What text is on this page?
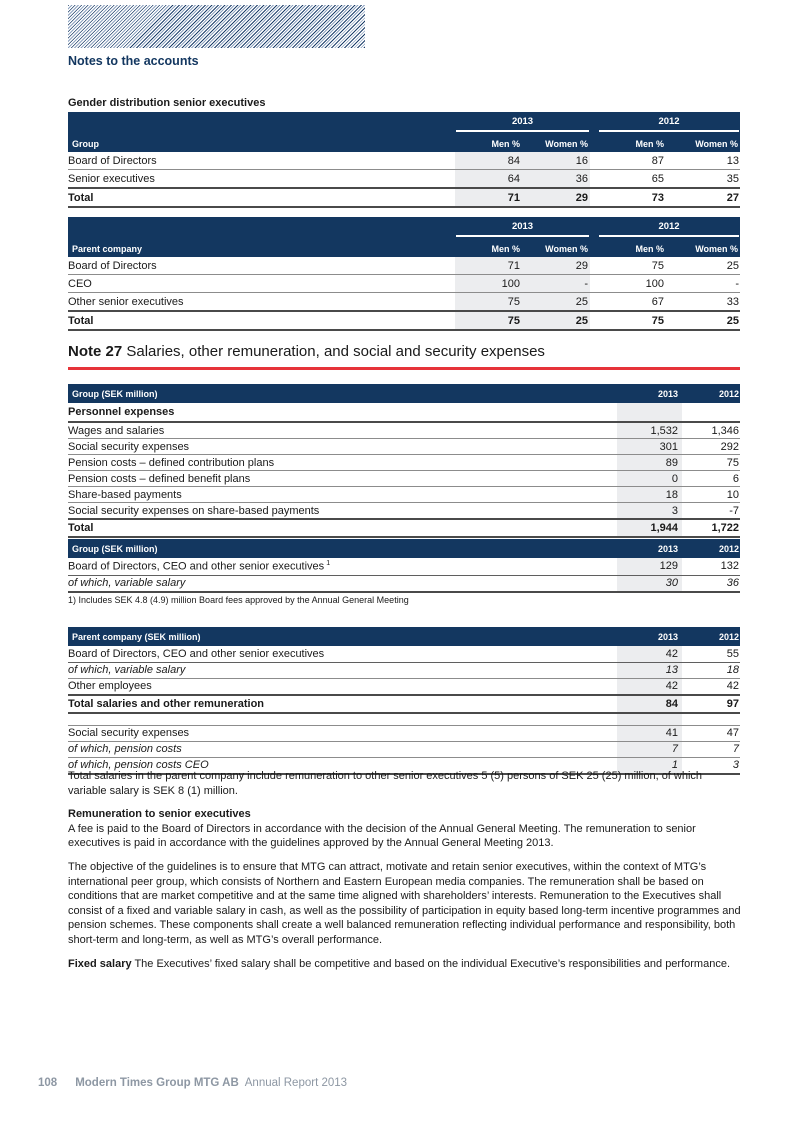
Notes to the accounts
Gender distribution senior executives

	2013			2012	

Group	Men %	Women %		Men %	Women %
Board of Directors	84	16		87	13
Senior executives	64	36		65	35
Total	71	29		73	27

	2013			2012	

Parent company	Men %	Women %		Men %	Women %
Board of Directors	71	29		75	25
CEO	100	-		100	-
Other senior executives	75	25		67	33
Total	75	25		75	25
Note 27 Salaries, other remuneration, and social and security expenses
Group (SEK million)	2013		2012
Personnel expenses			
Wages and salaries	1,532		1,346
Social security expenses	301		292
Pension costs – defined contribution plans	89		75
Pension costs – defined benefit plans	0		6
Share-based payments	18		10
Social security expenses on share-based payments	3		-7
Total	1,944		1,722
Group (SEK million)	2013		2012
Board of Directors, CEO and other senior executives $^1$	129		132
of which, variable salary	30		36
1) Includes SEK 4.8 (4.9) million Board fees approved by the Annual General Meeting
Parent company (SEK million)	2013		2012
Board of Directors, CEO and other senior executives	42		55
of which, variable salary	13		18
Other employees	42		42
Total salaries and other remuneration	84		97

Social security expenses	41		47
of which, pension costs	7		7
of which, pension costs CEO	1		3

Total salaries in the parent company include remuneration to other senior executives 5 (5) persons of SEK 25 (25) million, of which variable salary is SEK 8 (1) million.

Remuneration to senior executives

A fee is paid to the Board of Directors in accordance with the decision of the Annual General Meeting. The remuneration to senior executives is paid in accordance with the guidelines approved by the Annual General Meeting 2013.

The objective of the guidelines is to ensure that MTG can attract, motivate and retain senior executives, within the context of MTG’s international peer group, which consists of Northern and Eastern European media companies. The remuneration shall be based on conditions that are market competitive and at the same time aligned with shareholders’ interests. Remuneration to the Executives shall consist of a fixed and variable salary in cash, as well as the possibility of participation in equity based long-term incentive programmes and pension schemes. These components shall create a well balanced remuneration reflecting individual performance and responsibility, both short-term and long-term, as well as MTG’s overall performance.

Fixed salary The Executives’ fixed salary shall be competitive and based on the individual Executive’s responsibilities and performance.

108 Modern Times Group MTG AB Annual Report 2013
